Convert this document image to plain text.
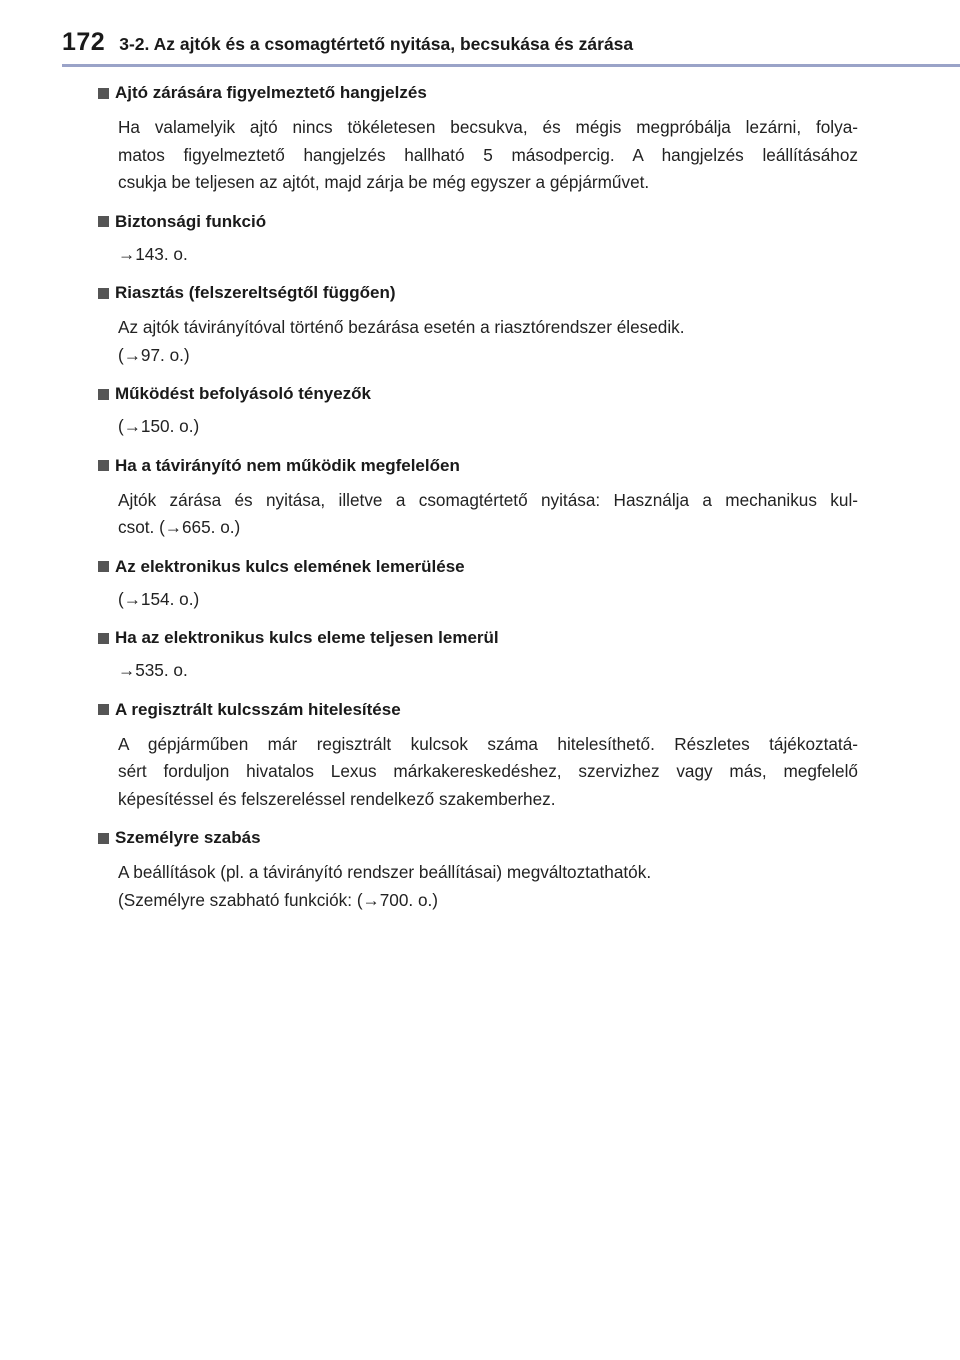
172 3-2. Az ajtók és a csomagtértető nyitása, becsukása és zárása
Ajtó zárására figyelmeztető hangjelzés
Ha valamelyik ajtó nincs tökéletesen becsukva, és mégis megpróbálja lezárni, folya-
matos figyelmeztető hangjelzés hallható 5 másodpercig. A hangjelzés leállításához
csukja be teljesen az ajtót, majd zárja be még egyszer a gépjárművet.
Biztonsági funkció
→143. o.
Riasztás (felszereltségtől függően)
Az ajtók távirányítóval történő bezárása esetén a riasztórendszer élesedik.
(→97. o.)
Működést befolyásoló tényezők
(→150. o.)
Ha a távirányító nem működik megfelelően
Ajtók zárása és nyitása, illetve a csomagtértető nyitása: Használja a mechanikus kul-
csot. (→665. o.)
Az elektronikus kulcs elemének lemerülése
(→154. o.)
Ha az elektronikus kulcs eleme teljesen lemerül
→535. o.
A regisztrált kulcsszám hitelesítése
A gépjárműben már regisztrált kulcsok száma hitelesíthető. Részletes tájékoztatá-
sért forduljon hivatalos Lexus márkakereskedéshez, szervizhez vagy más, megfelelő
képesítéssel és felszereléssel rendelkező szakemberhez.
Személyre szabás
A beállítások (pl. a távirányító rendszer beállításai) megváltoztathatók.
(Személyre szabható funkciók: (→700. o.)
